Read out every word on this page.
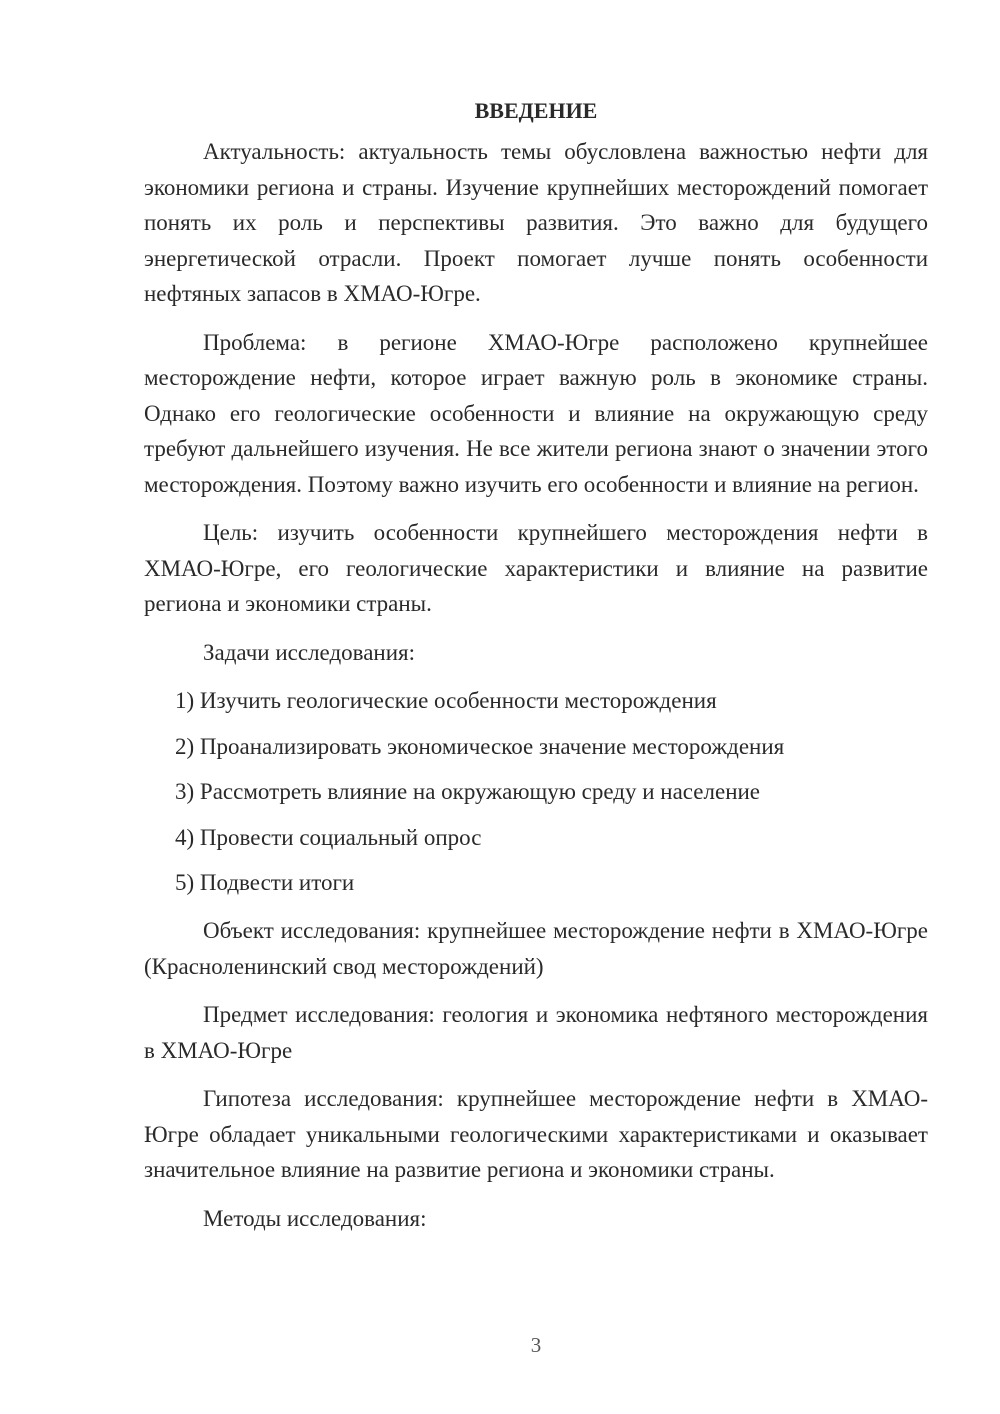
ВВЕДЕНИЕ

Актуальность: актуальность темы обусловлена важностью нефти для экономики региона и страны. Изучение крупнейших месторождений помогает понять их роль и перспективы развития. Это важно для будущего энергетической отрасли. Проект помогает лучше понять особенности нефтяных запасов в ХМАО-Югре.

Проблема: в регионе ХМАО-Югре расположено крупнейшее месторождение нефти, которое играет важную роль в экономике страны. Однако его геологические особенности и влияние на окружающую среду требуют дальнейшего изучения. Не все жители региона знают о значении этого месторождения. Поэтому важно изучить его особенности и влияние на регион.

Цель: изучить особенности крупнейшего месторождения нефти в ХМАО-Югре, его геологические характеристики и влияние на развитие региона и экономики страны.

Задачи исследования:

1) Изучить геологические особенности месторождения
2) Проанализировать экономическое значение месторождения
3) Рассмотреть влияние на окружающую среду и население
4) Провести социальный опрос
5) Подвести итоги

Объект исследования: крупнейшее месторождение нефти в ХМАО-Югре (Красноленинский свод месторождений)

Предмет исследования: геология и экономика нефтяного месторождения в ХМАО-Югре

Гипотеза исследования: крупнейшее месторождение нефти в ХМАО-Югре обладает уникальными геологическими характеристиками и оказывает значительное влияние на развитие региона и экономики страны.

Методы исследования:

3
